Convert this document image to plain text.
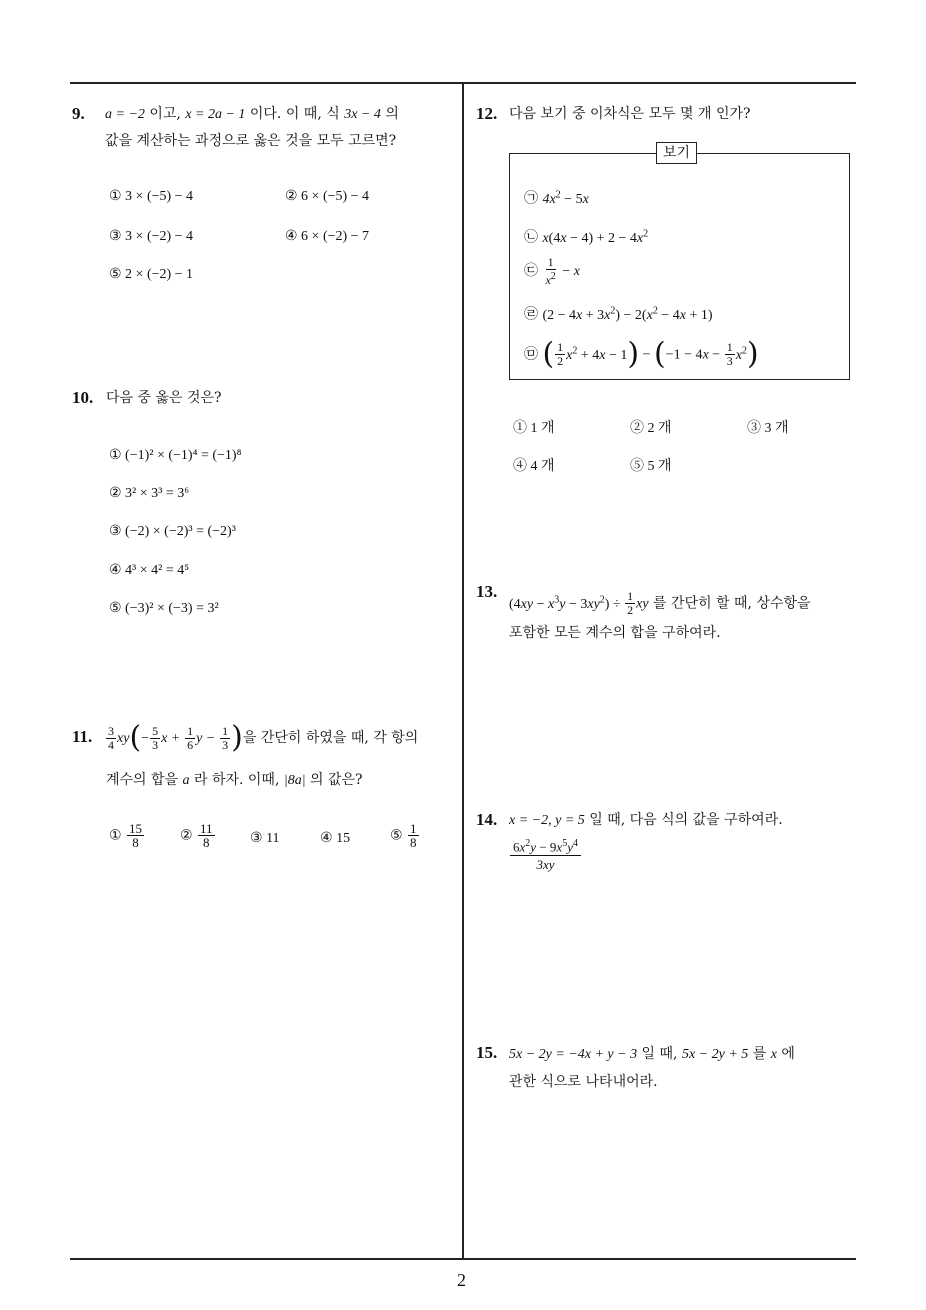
9. a = −2 이고, x = 2a − 1 이다. 이 때, 식 3x − 4 의
값을 계산하는 과정으로 옳은 것을 모두 고르면?
① 3 × (−5) − 4	② 6 × (−5) − 4
③ 3 × (−2) − 4	④ 6 × (−2) − 7
⑤ 2 × (−2) − 1
10. 다음 중 옳은 것은?
① (−1)² × (−1)⁴ = (−1)⁸
② 3² × 3³ = 3⁶
③ (−2) × (−2)³ = (−2)³
④ 4³ × 4² = 4⁵
⑤ (−3)² × (−3) = 3²
11. $\frac{3}{4} xy(- \frac{5}{3}$ $x + \frac{1}{6}$ $y - \frac{1}{3}$ )을 간단히 하였을 때, 각 항의
계수의 합을 a 라 하자. 이때, |8a| 의 값은?
① $\frac{15}{8}$	② $\frac{11}{8}$	③ 11	④ 15	⑤ $\frac{1}{8}$
12. 다음 보기 중 이차식은 모두 몇 개 인가?
보기
㉠ $4x^2 - 5x$
㉡ $x(4x - 4) + 2 - 4x^2$
㉢ $\frac{1}{x^2} - x$
㉣ $(2 - 4x + 3x^2) - 2(x^2 - 4x + 1)$
㉤ ( $\frac{1}{2} x^2 + 4x - 1) - (-1 - 4x - \frac{1}{3} x^2)$
① 1 개	② 2 개	③ 3 개
④ 4 개	⑤ 5 개
13.
$(4xy - x^3y - 3xy^2) \div \frac{1}{2}$ xy 를 간단히 할 때, 상수항을
포함한 모든 계수의 합을 구하여라.
14. x = −2, y = 5 일 때, 다음 식의 값을 구하여라.
$\frac{6x^2y - 9x^5y^4}{3xy}$
15. 5x − 2y = −4x + y − 3 일 때, 5x − 2y + 5 를 x 에
관한 식으로 나타내어라.
2
